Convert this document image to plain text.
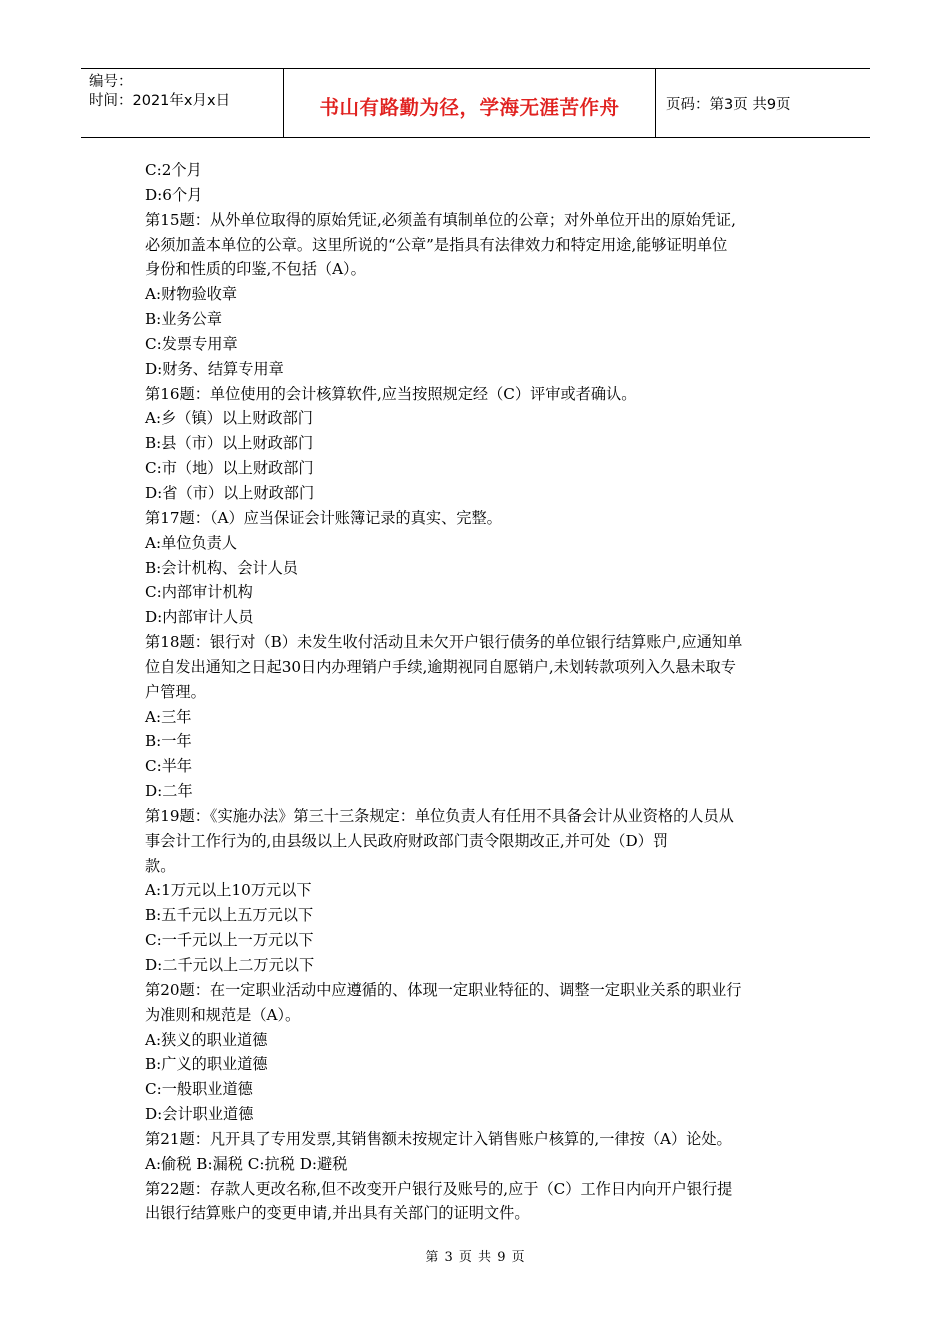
编号：
时间：2021年x月x日	书山有路勤为径，学海无涯苦作舟	页码：第3页 共9页
C:2个月
D:6个月
第15题：从外单位取得的原始凭证,必须盖有填制单位的公章；对外单位开出的原始凭证,
必须加盖本单位的公章。这里所说的“公章”是指具有法律效力和特定用途,能够证明单位
身份和性质的印鉴,不包括（A）。
A:财物验收章
B:业务公章
C:发票专用章
D:财务、结算专用章
第16题：单位使用的会计核算软件,应当按照规定经（C）评审或者确认。
A:乡（镇）以上财政部门
B:县（市）以上财政部门
C:市（地）以上财政部门
D:省（市）以上财政部门
第17题：（A）应当保证会计账簿记录的真实、完整。
A:单位负责人
B:会计机构、会计人员
C:内部审计机构
D:内部审计人员
第18题：银行对（B）未发生收付活动且未欠开户银行债务的单位银行结算账户,应通知单
位自发出通知之日起30日内办理销户手续,逾期视同自愿销户,未划转款项列入久悬未取专
户管理。
A:三年
B:一年
C:半年
D:二年
第19题：《实施办法》第三十三条规定：单位负责人有任用不具备会计从业资格的人员从
事会计工作行为的,由县级以上人民政府财政部门责令限期改正,并可处（D）罚
款。
A:1万元以上10万元以下
B:五千元以上五万元以下
C:一千元以上一万元以下
D:二千元以上二万元以下
第20题：在一定职业活动中应遵循的、体现一定职业特征的、调整一定职业关系的职业行
为准则和规范是（A）。
A:狭义的职业道德
B:广义的职业道德
C:一般职业道德
D:会计职业道德
第21题：凡开具了专用发票,其销售额未按规定计入销售账户核算的,一律按（A）论处。
A:偷税 B:漏税 C:抗税 D:避税
第22题：存款人更改名称,但不改变开户银行及账号的,应于（C）工作日内向开户银行提
出银行结算账户的变更申请,并出具有关部门的证明文件。
第 3 页 共 9 页
